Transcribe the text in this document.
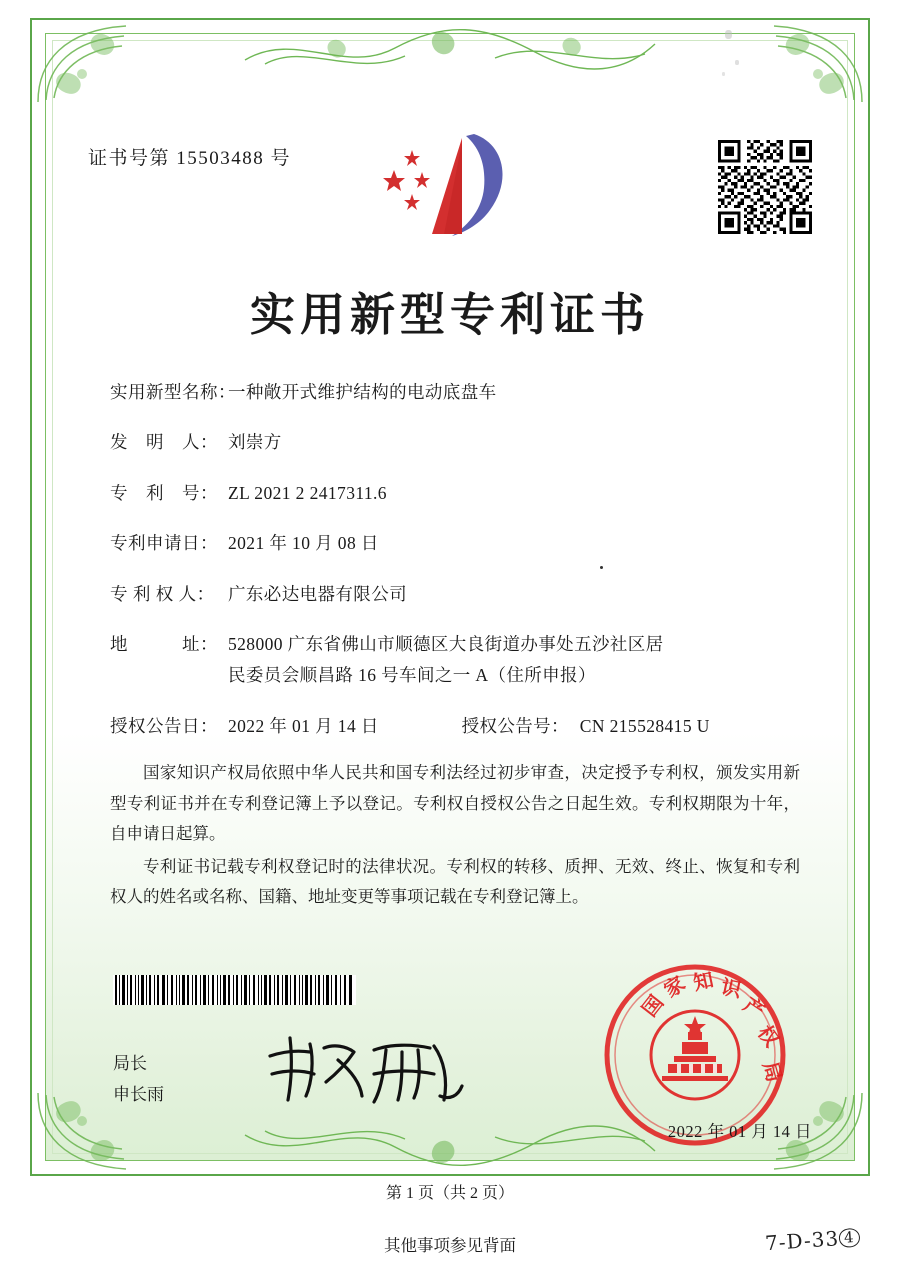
证书号第 15503488 号
实用新型专利证书
实用新型名称：
一种敞开式维护结构的电动底盘车
发　明　人： 刘崇方
专　利　号： ZL 2021 2 2417311.6
专利申请日： 2021 年 10 月 08 日
专 利 权 人： 广东必达电器有限公司
地　　　址： 528000 广东省佛山市顺德区大良街道办事处五沙社区居
民委员会顺昌路 16 号车间之一 A（住所申报）
授权公告日： 2022 年 01 月 14 日	授权公告号： CN 215528415 U

国家知识产权局依照中华人民共和国专利法经过初步审查，决定授予专利权，颁发实用新型专利证书并在专利登记簿上予以登记。专利权自授权公告之日起生效。专利权期限为十年，自申请日起算。

专利证书记载专利权登记时的法律状况。专利权的转移、质押、无效、终止、恢复和专利权人的姓名或名称、国籍、地址变更等事项记载在专利登记簿上。

局长
申长雨
国
家 知 识
产
权
局
2022 年 01 月 14 日
第 1 页（共 2 页）
其他事项参见背面	7-D-33 4
